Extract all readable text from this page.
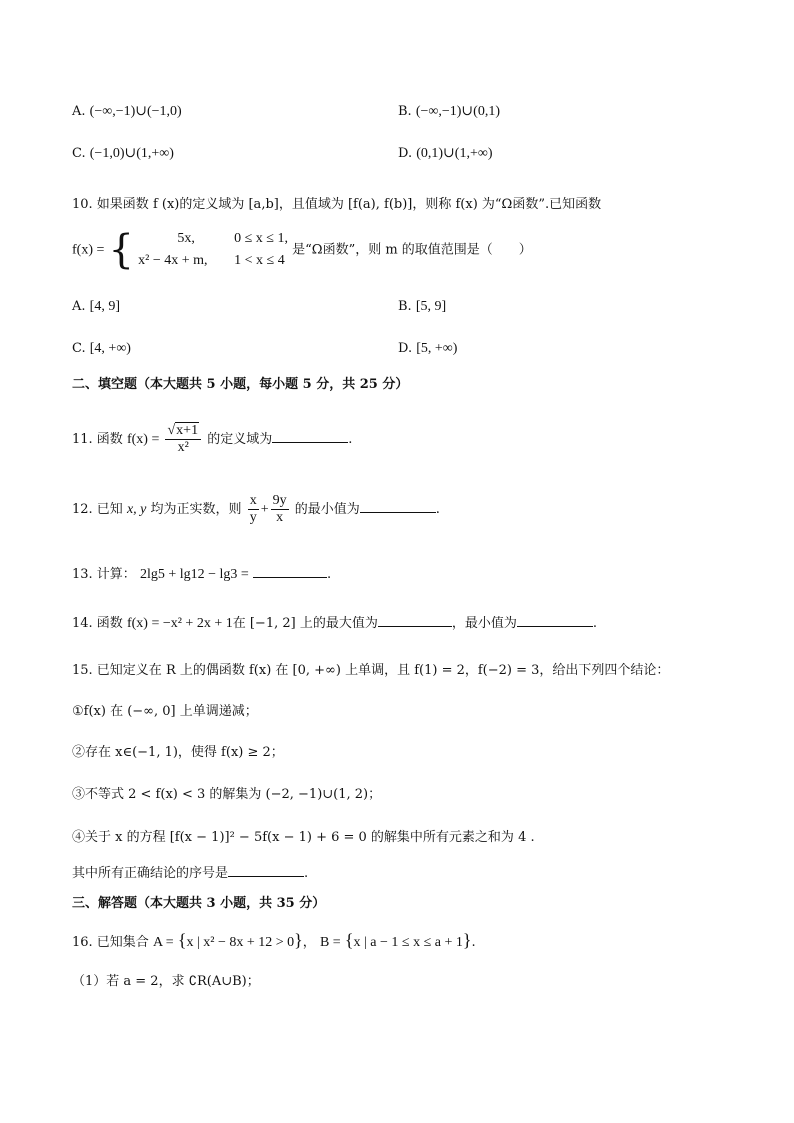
A. (−∞,−1)∪(−1,0)	B. (−∞,−1)∪(0,1)
C. (−1,0)∪(1,+∞)	D. (0,1)∪(1,+∞)
10. 如果函数 f (x)的定义域为 [a,b]，且值域为 [f(a), f(b)]，则称 f(x) 为“Ω函数”.已知函数
f(x) = {	5x,	0 ≤ x ≤ 1,
x² − 4x + m, 1 < x ≤ 4
是“Ω函数”，则 m 的取值范围是（　　）
A. [4, 9]	B. [5, 9]
C. [4, +∞)	D. [5, +∞)
二、填空题（本大题共 5 小题，每小题 5 分，共 25 分）
11. 函数 $f(x) = \frac{√x+1}{\text{x²}}$ 的定义域为	.
12. 已知 x, y 均为正实数，则 $\frac{x}{y} + \frac{9y}{x}$ 的最小值为	.
13. 计算： 2lg5 + lg12 − lg3 =	.
14. 函数 f(x) = −x² + 2x + 1在 [−1, 2] 上的最大值为	，最小值为	.
15. 已知定义在 R 上的偶函数 f(x) 在 [0, +∞) 上单调，且 f(1) = 2，f(−2) = 3，给出下列四个结论：
①f(x) 在 (−∞, 0] 上单调递减；
②存在 x∈(−1, 1)，使得 f(x) ≥ 2；
③不等式 2 < f(x) < 3 的解集为 (−2, −1)∪(1, 2)；
④关于 x 的方程 [f(x − 1)]² − 5f(x − 1) + 6 = 0 的解集中所有元素之和为 4 .
其中所有正确结论的序号是	.
三、解答题（本大题共 3 小题，共 35 分）
16. 已知集合 A = {x | x² − 8x + 12 > 0}， B = {x | a − 1 ≤ x ≤ a + 1}.
（1）若 a = 2，求 ∁R(A∪B)；
